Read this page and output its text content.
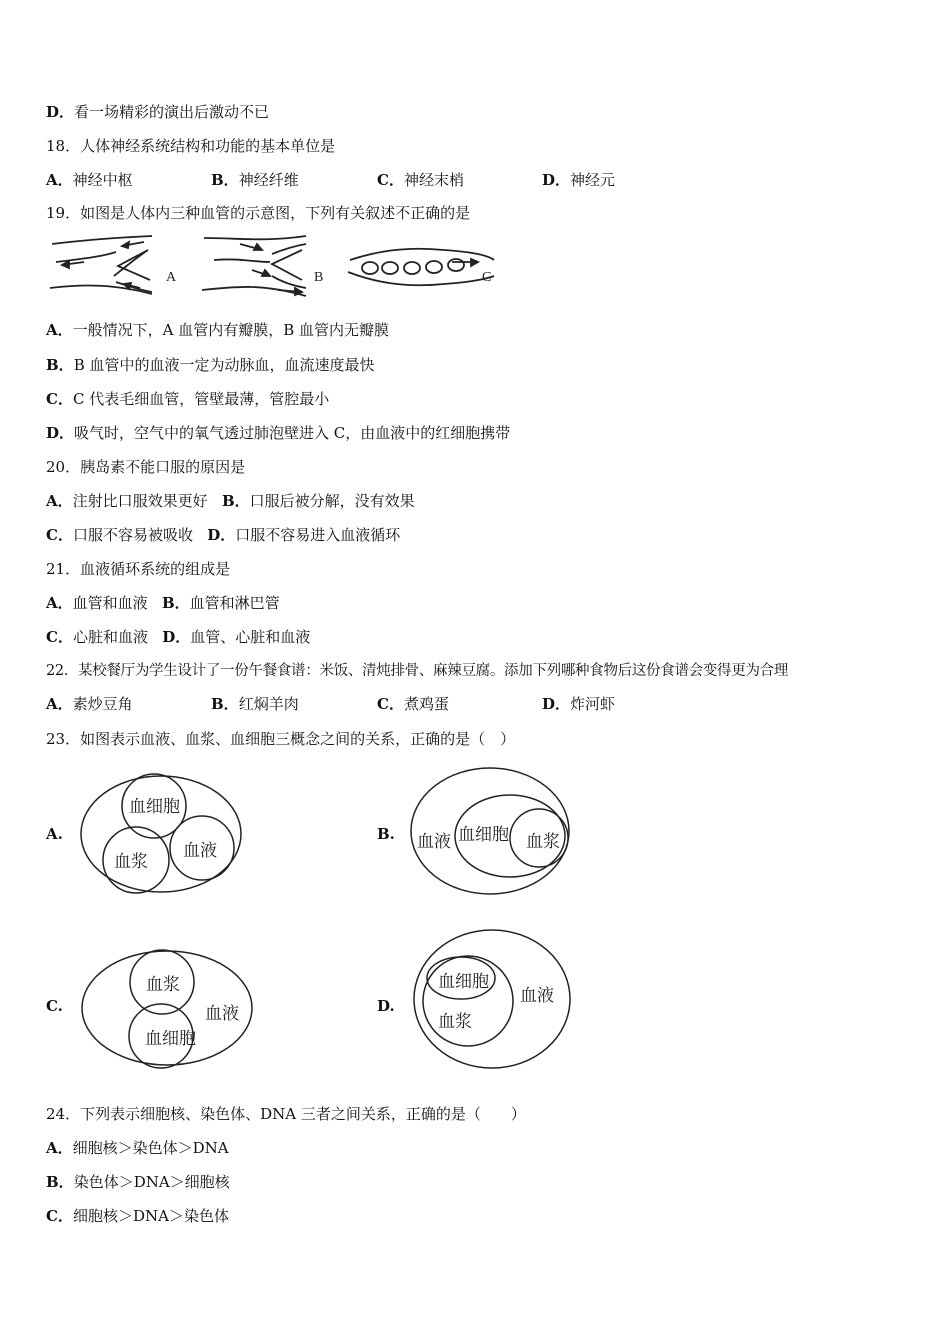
D．看一场精彩的演出后激动不已
18．人体神经系统结构和功能的基本单位是
A．神经中枢	B．神经纤维	C．神经末梢	D．神经元
19．如图是人体内三种血管的示意图，下列有关叙述不正确的是
A	B	C
A．一般情况下，A 血管内有瓣膜，B 血管内无瓣膜
B．B 血管中的血液一定为动脉血，血流速度最快
C．C 代表毛细血管，管壁最薄，管腔最小
D．吸气时，空气中的氧气透过肺泡壁进入 C，由血液中的红细胞携带
20．胰岛素不能口服的原因是
A．注射比口服效果更好 B．口服后被分解，没有效果
C．口服不容易被吸收 D．口服不容易进入血液循环
21．血液循环系统的组成是
A．血管和血液 B．血管和淋巴管
C．心脏和血液 D．血管、心脏和血液
22．某校餐厅为学生设计了一份午餐食谱：米饭、清炖排骨、麻辣豆腐。添加下列哪种食物后这份食谱会变得更为合理
A．素炒豆角	B．红焖羊肉	C．煮鸡蛋	D．炸河虾
23．如图表示血液、血浆、血细胞三概念之间的关系，正确的是（　）
A.
血细胞
血浆
血液
B. 血液 血细胞 血浆
C.
血浆
血液
血细胞
D.
血细胞
血液
血浆
24．下列表示细胞核、染色体、DNA 三者之间关系，正确的是（　　）
A．细胞核＞染色体＞DNA
B．染色体＞DNA＞细胞核
C．细胞核＞DNA＞染色体
